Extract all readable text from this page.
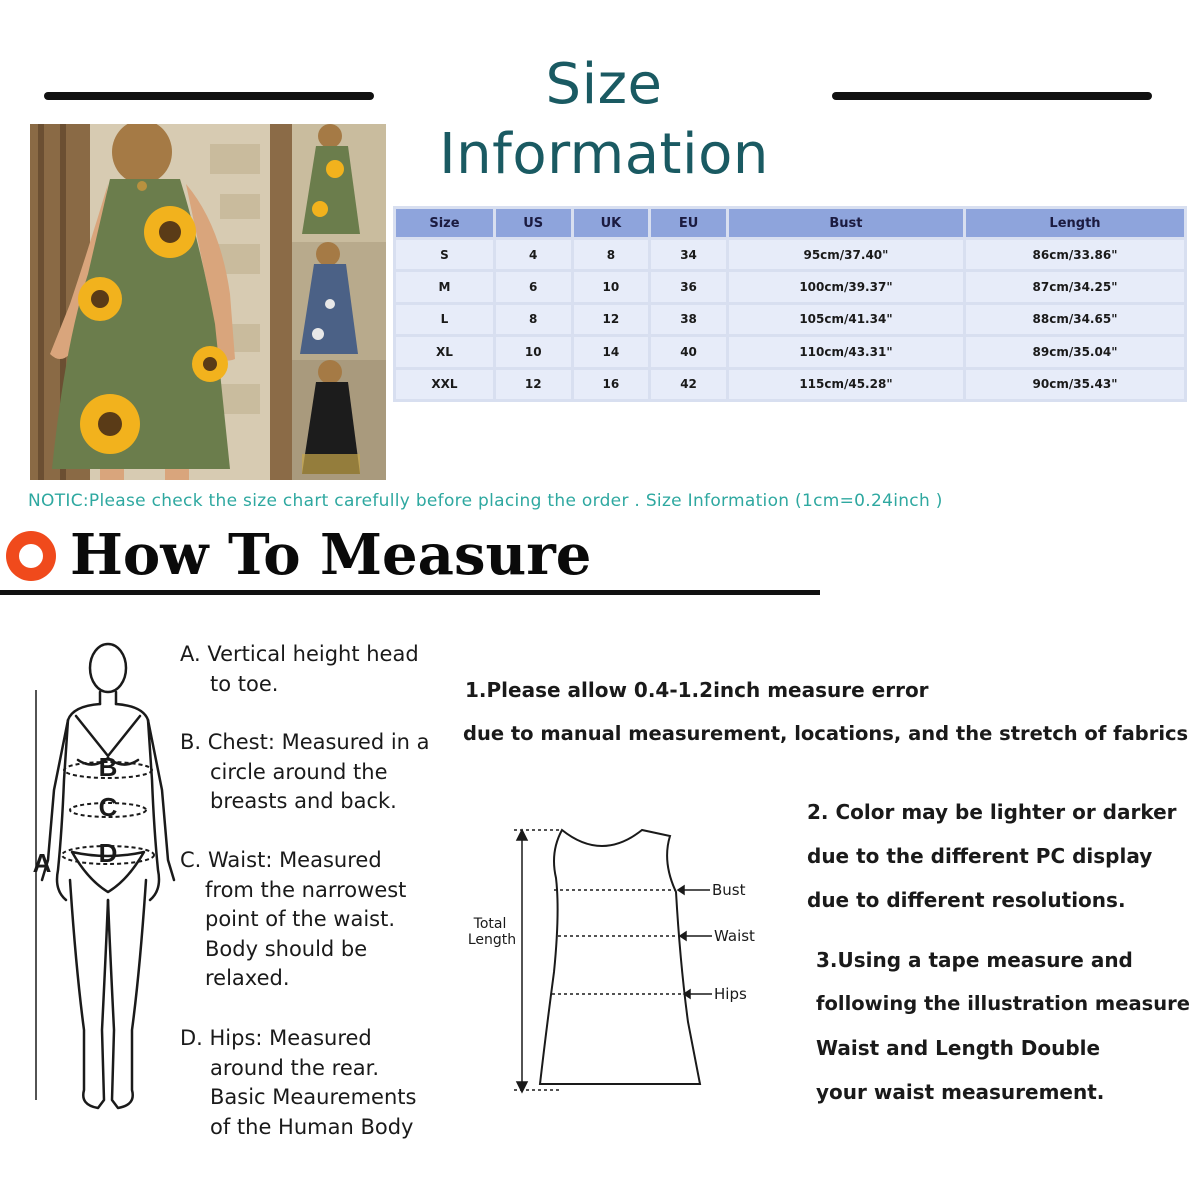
Size Information
Size	US	UK	EU	Bust	Length
S	4	8	34	95cm/37.40"	86cm/33.86"
M	6	10	36	100cm/39.37"	87cm/34.25"
L	8	12	38	105cm/41.34"	88cm/34.65"
XL	10	14	40	110cm/43.31"	89cm/35.04"
XXL	12	16	42	115cm/45.28"	90cm/35.43"
NOTIC:Please check the size chart carefully before placing the order . Size Information (1cm=0.24inch )
How To Measure
B
C
D
A
A. Vertical height head
to toe.
B. Chest: Measured in a
circle around the
breasts and back.
C. Waist: Measured
from the narrowest
point of the waist.
Body should be
relaxed.
D. Hips: Measured
around the rear.
Basic Meaurements
of the Human Body
1.Please allow 0.4-1.2inch measure error
due to manual measurement, locations, and the stretch of fabrics
2. Color may be lighter or darker
due to the different PC display
due to different resolutions.
3.Using a tape measure and
following the illustration measure
Waist and Length Double
your waist measurement.
Total
Length
Bust
Waist
Hips
